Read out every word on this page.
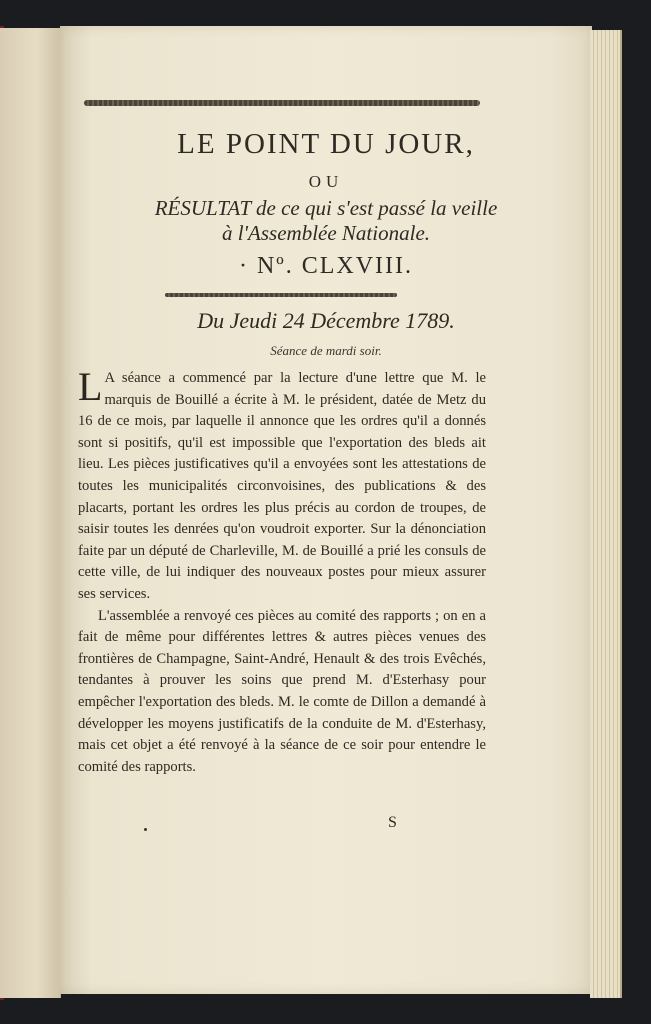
LE POINT DU JOUR,
OU
RÉSULTAT de ce qui s'est passé la veille
à l'Assemblée Nationale.
· Nº. CLXVIII.
Du Jeudi 24 Décembre 1789.
Séance de mardi soir.

L A séance a commencé par la lecture d'une lettre que M. le marquis de Bouillé a écrite à M. le président, datée de Metz du 16 de ce mois, par laquelle il annonce que les ordres qu'il a donnés sont si positifs, qu'il est impossible que l'exportation des bleds ait lieu. Les pièces justificatives qu'il a envoyées sont les attestations de toutes les municipalités circonvoisines, des publications & des placarts, portant les ordres les plus précis au cordon de troupes, de saisir toutes les denrées qu'on voudroit exporter. Sur la dénonciation faite par un député de Charleville, M. de Bouillé a prié les consuls de cette ville, de lui indiquer des nouveaux postes pour mieux assurer ses services.

L'assemblée a renvoyé ces pièces au comité des rapports ; on en a fait de même pour différentes lettres & autres pièces venues des frontières de Champagne, Saint-André, Henault & des trois Evêchés, tendantes à prouver les soins que prend M. d'Esterhasy pour empêcher l'exportation des bleds. M. le comte de Dillon a demandé à développer les moyens justificatifs de la conduite de M. d'Esterhasy, mais cet objet a été renvoyé à la séance de ce soir pour entendre le comité des rapports.

S
